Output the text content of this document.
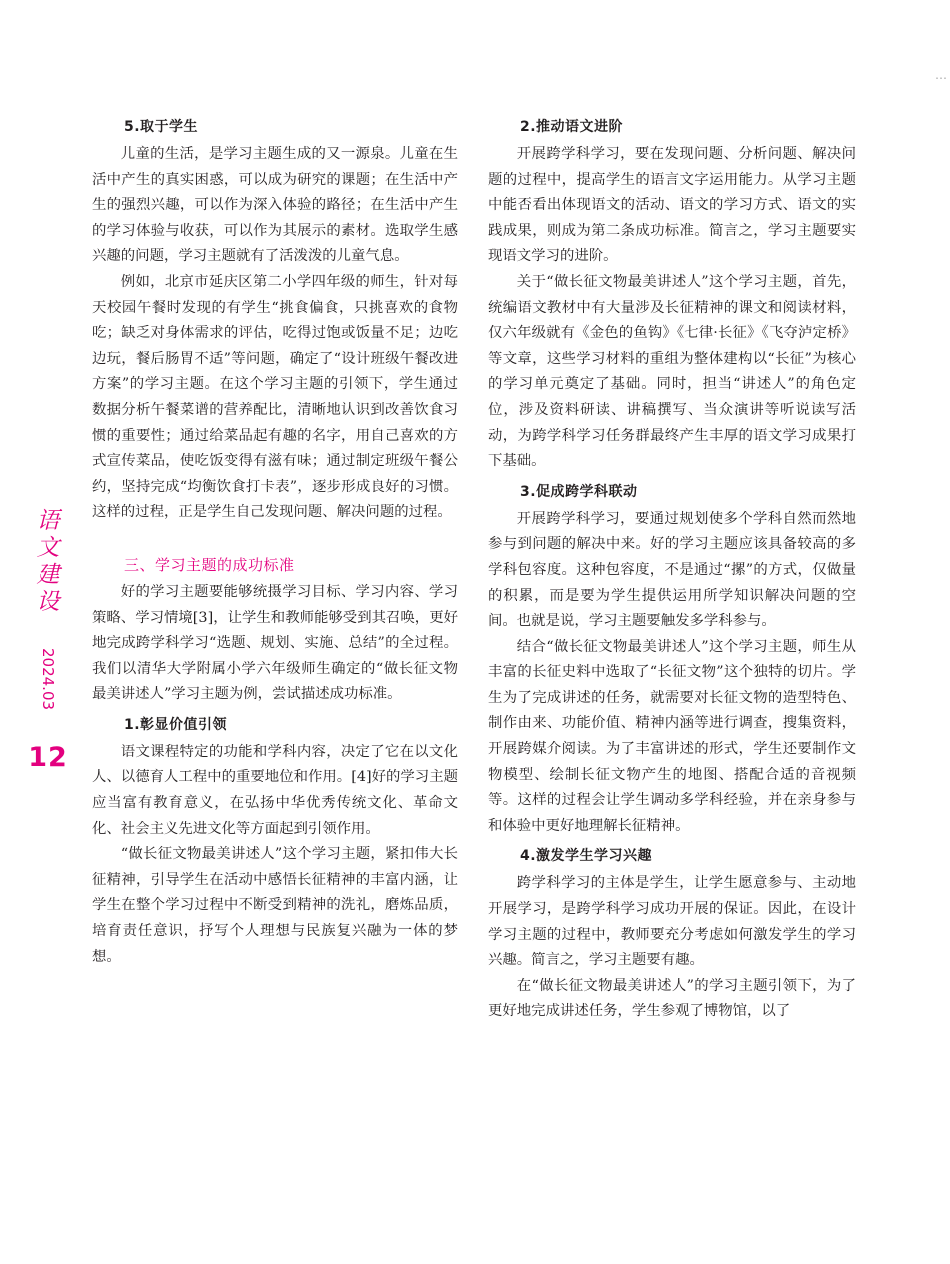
…
语文建设
2024.03
12
5.取于学生

儿童的生活，是学习主题生成的又一源泉。儿童在生活中产生的真实困惑，可以成为研究的课题；在生活中产生的强烈兴趣，可以作为深入体验的路径；在生活中产生的学习体验与收获，可以作为其展示的素材。选取学生感兴趣的问题，学习主题就有了活泼泼的儿童气息。

例如，北京市延庆区第二小学四年级的师生，针对每天校园午餐时发现的有学生“挑食偏食，只挑喜欢的食物吃；缺乏对身体需求的评估，吃得过饱或饭量不足；边吃边玩，餐后肠胃不适”等问题，确定了“设计班级午餐改进方案”的学习主题。在这个学习主题的引领下，学生通过数据分析午餐菜谱的营养配比，清晰地认识到改善饮食习惯的重要性；通过给菜品起有趣的名字，用自己喜欢的方式宣传菜品，使吃饭变得有滋有味；通过制定班级午餐公约，坚持完成“均衡饮食打卡表”，逐步形成良好的习惯。这样的过程，正是学生自己发现问题、解决问题的过程。

三、学习主题的成功标准

好的学习主题要能够统摄学习目标、学习内容、学习策略、学习情境[3]，让学生和教师能够受到其召唤，更好地完成跨学科学习“选题、规划、实施、总结”的全过程。我们以清华大学附属小学六年级师生确定的“做长征文物最美讲述人”学习主题为例，尝试描述成功标准。

1.彰显价值引领

语文课程特定的功能和学科内容，决定了它在以文化人、以德育人工程中的重要地位和作用。[4]好的学习主题应当富有教育意义，在弘扬中华优秀传统文化、革命文化、社会主义先进文化等方面起到引领作用。

“做长征文物最美讲述人”这个学习主题，紧扣伟大长征精神，引导学生在活动中感悟长征精神的丰富内涵，让学生在整个学习过程中不断受到精神的洗礼，磨炼品质，培育责任意识，抒写个人理想与民族复兴融为一体的梦想。

2.推动语文进阶

开展跨学科学习，要在发现问题、分析问题、解决问题的过程中，提高学生的语言文字运用能力。从学习主题中能否看出体现语文的活动、语文的学习方式、语文的实践成果，则成为第二条成功标准。简言之，学习主题要实现语文学习的进阶。

关于“做长征文物最美讲述人”这个学习主题，首先，统编语文教材中有大量涉及长征精神的课文和阅读材料，仅六年级就有《金色的鱼钩》《七律·长征》《飞夺泸定桥》等文章，这些学习材料的重组为整体建构以“长征”为核心的学习单元奠定了基础。同时，担当“讲述人”的角色定位，涉及资料研读、讲稿撰写、当众演讲等听说读写活动，为跨学科学习任务群最终产生丰厚的语文学习成果打下基础。

3.促成跨学科联动

开展跨学科学习，要通过规划使多个学科自然而然地参与到问题的解决中来。好的学习主题应该具备较高的多学科包容度。这种包容度，不是通过“摞”的方式，仅做量的积累，而是要为学生提供运用所学知识解决问题的空间。也就是说，学习主题要触发多学科参与。

结合“做长征文物最美讲述人”这个学习主题，师生从丰富的长征史料中选取了“长征文物”这个独特的切片。学生为了完成讲述的任务，就需要对长征文物的造型特色、制作由来、功能价值、精神内涵等进行调查，搜集资料，开展跨媒介阅读。为了丰富讲述的形式，学生还要制作文物模型、绘制长征文物产生的地图、搭配合适的音视频等。这样的过程会让学生调动多学科经验，并在亲身参与和体验中更好地理解长征精神。

4.激发学生学习兴趣

跨学科学习的主体是学生，让学生愿意参与、主动地开展学习，是跨学科学习成功开展的保证。因此，在设计学习主题的过程中，教师要充分考虑如何激发学生的学习兴趣。简言之，学习主题要有趣。

在“做长征文物最美讲述人”的学习主题引领下，为了更好地完成讲述任务，学生参观了博物馆，以了
